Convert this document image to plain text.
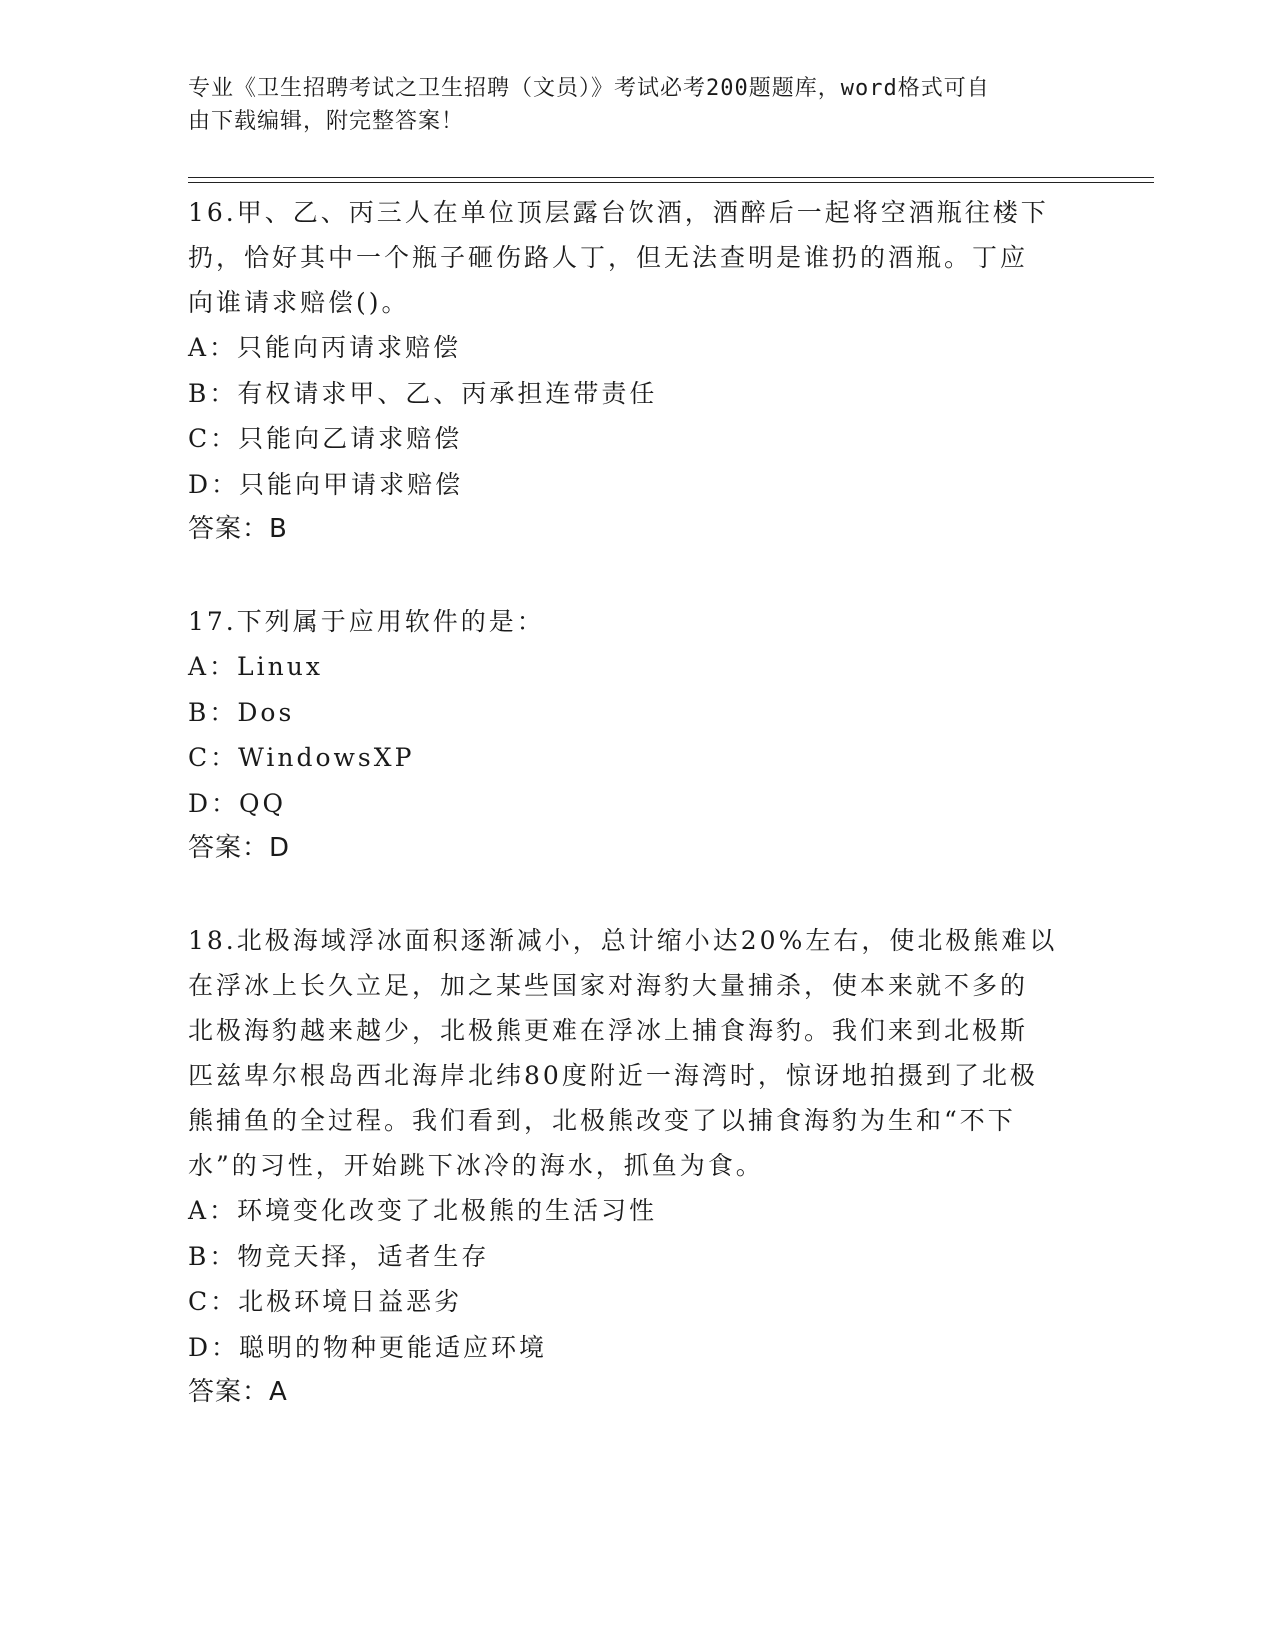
专业《卫生招聘考试之卫生招聘（文员）》考试必考200题题库，word格式可自
由下载编辑，附完整答案！

16.甲、乙、丙三人在单位顶层露台饮酒，酒醉后一起将空酒瓶往楼下

扔，恰好其中一个瓶子砸伤路人丁，但无法查明是谁扔的酒瓶。丁应

向谁请求赔偿()。

A：只能向丙请求赔偿

B：有权请求甲、乙、丙承担连带责任

C：只能向乙请求赔偿

D：只能向甲请求赔偿

答案：B

17.下列属于应用软件的是：

A：Linux

B：Dos

C：WindowsXP

D：QQ

答案：D

18.北极海域浮冰面积逐渐减小，总计缩小达20%左右，使北极熊难以

在浮冰上长久立足，加之某些国家对海豹大量捕杀，使本来就不多的

北极海豹越来越少，北极熊更难在浮冰上捕食海豹。我们来到北极斯

匹兹卑尔根岛西北海岸北纬80度附近一海湾时，惊讶地拍摄到了北极

熊捕鱼的全过程。我们看到，北极熊改变了以捕食海豹为生和“不下

水”的习性，开始跳下冰冷的海水，抓鱼为食。

A：环境变化改变了北极熊的生活习性

B：物竞天择，适者生存

C：北极环境日益恶劣

D：聪明的物种更能适应环境

答案：A
